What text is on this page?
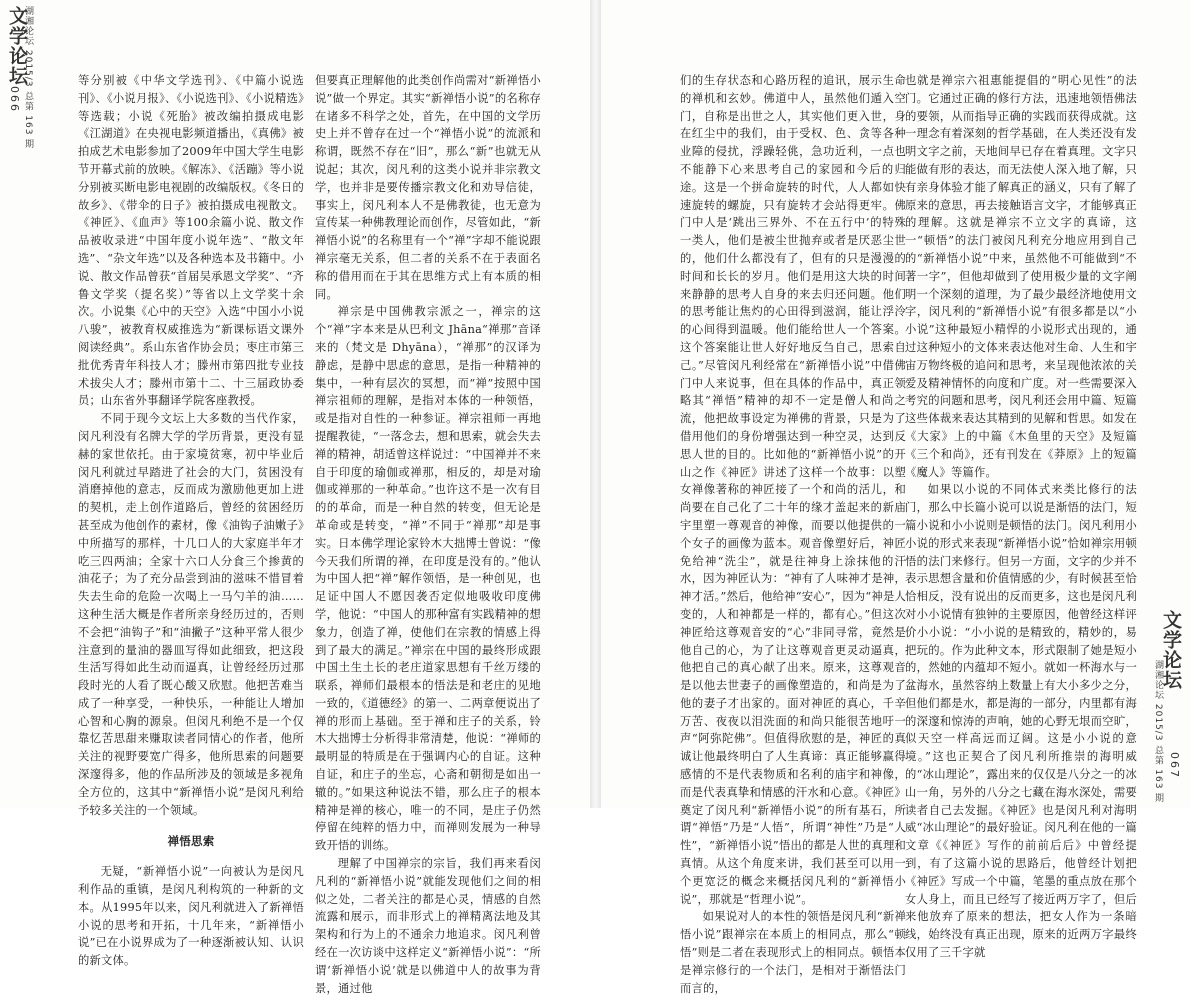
文学论坛
湖湘论坛 2015/3 总第 163 期
066

等分别被《中华文学选刊》、《中篇小说选刊》、《小说月报》、《小说选刊》、《小说精选》等选载；小说《死胎》被改编拍摄成电影《江湖道》在央视电影频道播出，《真佛》被拍成艺术电影参加了2009年中国大学生电影节开幕式前的放映。《解冻》、《活蹦》等小说分别被买断电影电视剧的改编版权。《冬日的故乡》、《带伞的日子》被拍摄成电视散文。《神匠》、《血声》等100余篇小说、散文作品被收录进“中国年度小说年选”、“散文年选”、“杂文年选”以及各种选本及书籍中。小说、散文作品曾获“首届吴承恩文学奖”、“齐鲁文学奖（提名奖）”等省以上文学奖十余次。小说集《心中的天空》入选“中国小小说八骏”，被教育权威推选为“新课标语文课外阅读经典”。系山东省作协会员；枣庄市第三批优秀青年科技人才；滕州市第四批专业技术拔尖人才；滕州市第十二、十三届政协委员；山东省外事翻译学院客座教授。

不同于现今文坛上大多数的当代作家，闵凡利没有名牌大学的学历背景，更没有显赫的家世依托。由于家境贫寒，初中毕业后闵凡利就过早踏进了社会的大门，贫困没有消磨掉他的意志，反而成为激励他更加上进的契机，走上创作道路后，曾经的贫困经历甚至成为他创作的素材，像《油钩子油嫩子》中所描写的那样，十几口人的大家庭半年才吃三四两油；全家十六口人分食三个掺黄的油花子；为了充分品尝到油的滋味不惜冒着失去生命的危险一次喝上一马勺羊的油……这种生活大概是作者所亲身经历过的，否则不会把“油钩子”和“油撇子”这种平常人很少注意到的量油的器皿写得如此细致，把这段生活写得如此生动而逼真，让曾经经历过那段时光的人看了既心酸又欣慰。他把苦难当成了一种享受，一种快乐，一种能让人增加心智和心胸的源泉。但闵凡利绝不是一个仅靠忆苦思甜来赚取读者同情心的作者，他所关注的视野要宽广得多，他所思索的问题要深邃得多，他的作品所涉及的领域是多视角全方位的，这其中“新禅悟小说”是闵凡利给予较多关注的一个领域。

禅悟思索

无疑，“新禅悟小说”一向被认为是闵凡利作品的重镇，是闵凡利构筑的一种新的文本。从1995年以来，闵凡利就进入了新禅悟小说的思考和开拓，十几年来，“新禅悟小说”已在小说界成为了一种逐渐被认知、认识的新文体。

但要真正理解他的此类创作尚需对“新禅悟小说”做一个界定。其实“新禅悟小说”的名称存在诸多不科学之处，首先，在中国的文学历史上并不曾存在过一个“禅悟小说”的流派和称谓，既然不存在“旧”，那么“新”也就无从说起；其次，闵凡利的这类小说并非宗教文学，也并非是要传播宗教文化和劝导信徒，事实上，闵凡利本人不是佛教徒，也无意为宣传某一种佛教理论而创作，尽管如此，“新禅悟小说”的名称里有一个“禅”字却不能说跟禅宗毫无关系，但二者的关系不在于表面名称的借用而在于其在思维方式上有本质的相同。

禅宗是中国佛教宗派之一，禅宗的这个“禅”字本来是从巴利文 Jhāna“禅那”音译来的（梵文是 Dhyāna），“禅那”的汉译为静虑，是静中思虑的意思，是指一种精神的集中，一种有层次的冥想，而“禅”按照中国禅宗祖师的理解，是指对本体的一种领悟，或是指对自性的一种参证。禅宗祖师一再地提醒教徒，“一落念去，想和思索，就会失去禅的精神，胡适曾这样说过：“中国禅并不来自于印度的瑜伽或禅那，相反的，却是对瑜伽或禅那的一种革命。”也许这不是一次有目的的革命，而是一种自然的转变，但无论是革命或是转变，“禅”不同于“禅那”却是事实。日本佛学理论家铃木大拙博士曾说：“像今天我们所谓的禅，在印度是没有的。”他认为中国人把“禅”解作领悟，是一种创见，也足证中国人不愿因袭否定似地吸收印度佛学，他说：“中国人的那种富有实践精神的想象力，创造了禅，使他们在宗教的情感上得到了最大的满足。”禅宗在中国的最终形成跟中国土生土长的老庄道家思想有千丝万缕的联系，禅师们最根本的悟法是和老庄的见地一致的，《道德经》的第一、二两章便说出了禅的形而上基础。至于禅和庄子的关系，铃木大拙博士分析得非常清楚，他说：“禅师的最明显的特质是在于强调内心的自证。这种自证，和庄子的坐忘，心斋和朝彻是如出一辙的。”如果这种说法不错，那么庄子的根本精神是禅的核心，唯一的不同，是庄子仍然停留在纯粹的悟力中，而禅则发展为一种导致开悟的训练。

理解了中国禅宗的宗旨，我们再来看闵凡利的“新禅悟小说”就能发现他们之间的相似之处，二者关注的都是心灵，情感的自然流露和展示，而非形式上的禅精离法地及其架构和行为上的不通余力地追求。闵凡利曾经在一次访谈中这样定义“新禅悟小说”：“所谓‘新禅悟小说’就是以佛道中人的故事为背景，通过他

们的生存状态和心路历程的追讯，展示生命的禅机和玄妙。佛道中人，虽然他们遁入空门，自称是出世之人，其实他们更入世，身在红尘中的我们，由于受权、色、贪等各种业障的侵扰，浮躁轻佻，急功近利，一点也不能静下心来思考自己的家园和今后的归途。这是一个拼命旋转的时代，人人都如快速旋转的螺旋，只有旋转才会站得更牢。佛门中人是‘跳出三界外、不在五行中’的特殊一类人，他们是被尘世抛弃或者是厌恶尘世的，他们什么都没有了，但有的只是漫漫的时间和长长的岁月。他们是用这大块的时间来静静的思考人自身的来去归还问题。他们的思考能让焦灼的心田得到滋润，能让浮泠的心间得到温暖。他们能给世人一个答案。这个答案能让世人好好地反刍自己，思索自己。”尽管闵凡利经常在“新禅悟小说”中借佛门中人来说事，但在具体的作品中，真正领略其“禅悟”精神的却不一定是僧人和尚之流，他把故事设定为禅佛的背景，只是为了借用他们的身份增强达到一种空灵，达到反思人世的目的。比如他的“新禅悟小说”的开山之作《神匠》讲述了这样一个故事：以塑女禅像著称的神匠接了一个和尚的活儿，和尚要在自己化了二十年的缘才盖起来的新庙宇里塑一尊观音的神像，而要以他提供的一个女子的画像为蓝本。观音像塑好后，神匠免给神“洗尘”，就是往神身上涂抹他的汗水，因为神匠认为：“神有了人味神才是神，神才活。”然后，他给神“安心”，因为“神是人变的，人和神都是一样的，都有心。”但这次神匠给这尊观音安的“心”非同寻常，竟然是他自己的心，为了让这尊观音更灵动逼真，他把自己的真心献了出来。原来，这尊观音是以他去世妻子的画像塑造的，和尚是为了他的妻子才出家的。面对神匠的真心，千辛万苦、夜夜以泪洗面的和尚只能很苦地吁一声“阿弥陀佛”。但值得欣慰的是，神匠的真诚让他最终明白了人生真谛：真正能够赢得感情的不是代表物质和名利的庙宇和神像，而是代表真挚和情感的汗水和心意。《神匠》奠定了闵凡利“新禅悟小说”的所有基石，所谓“禅悟”乃是“人悟”，所谓“神性”乃是“人性”，“新禅悟小说”悟出的都是人世的真理和真情。从这个角度来讲，我们甚至可以用一个更宽泛的概念来概括闵凡利的“新禅悟小说”，那就是“哲理小说”。

如果说对人的本性的领悟是闵凡利“新禅悟小说”跟禅宗在本质上的相同点，那么“顿悟”则是二者在表现形式上的相同点。顿悟本是禅宗修行的一个法门，是相对于渐悟法门而言的，

也就是禅宗六祖惠能提倡的“明心见性”的法门。它通过正确的修行方法，迅速地领悟佛法的要领，从而指导正确的实践而获得成就。这一理念有着深刻的哲学基础，在人类还没有发明文字之前，天地间早已存在着真理。文字只能做有形的表达，而无法使人深入地了解，只有亲身体验才能了解真正的涵义，只有了解了原来的意思，再去接触语言文字，才能够真正的理解。这就是禅宗不立文字的真谛，这一“顿悟”的法门被闵凡利充分地应用到自己的“新禅悟小说”中来，虽然他不可能做到“不著一字”，但他却做到了使用极少量的文字阐明一个深刻的道理，为了最少最经济地使用文字，闵凡利的“新禅悟小说”有很多都是以“小小说”这种最短小精悍的小说形式出现的，通过这种短小的文体来表达他对生命、人生和宇宙万物终极的追问和思考，来呈现他浓浓的关爱及精神情怀的向度和广度。对一些需要深入考究的问题和思考，闵凡利还会用中篇、短篇这些体裁来表达其精到的见解和哲思。如发在《大家》上的中篇《木鱼里的天空》及短篇《三个和尚》，还有刊发在《莽原》上的短篇《魔人》等篇作。

如果以小说的不同体式来类比修行的法门，那么中长篇小说可以说是渐悟的法门，短篇小说和小小说则是顿悟的法门。闵凡利用小小说的形式来表现“新禅悟小说”恰如禅宗用顿悟的法门来修行。但另一方面，文字的少并不表示思想含量和价值情感的少，有时候甚至恰恰相反，没有说出的反而更多，这也是闵凡利对小小说情有独钟的主要原因，他曾经这样评价小小说：“小小说的是精致的，精妙的，易把玩的。作为此种文本，形式限制了她是短小的，然她的内蕴却不短小。就如一杯海水与一盆海水，虽然容纳上数量上有大小多少之分，但他们都是水，都是海的一部分，内里都有海的深邃和惊涛的声响，她的心野无垠而空旷，似天空一样高远而辽阔。这是小小说的意境。”这也正契合了闵凡利所推崇的海明威的“冰山理论”，露出来的仅仅是八分之一的冰山一角，另外的八分之七藏在海水深处，需要读者自己去发掘。《神匠》也是闵凡利对海明威“冰山理论”的最好验证。闵凡利在他的一篇文章《《神匠》写作的前前后后》中曾经提到，有了这篇小说的思路后，他曾经计划把《神匠》写成一个中篇，笔墨的重点放在那个女人身上，而且已经写了接近两万字了，但后来他放弃了原来的想法，把女人作为一条暗线，始终没有真正出现，原来的近两万字最终仅用了三千字就

文学论坛
湖湘论坛 2015/3 总第 163 期 067
